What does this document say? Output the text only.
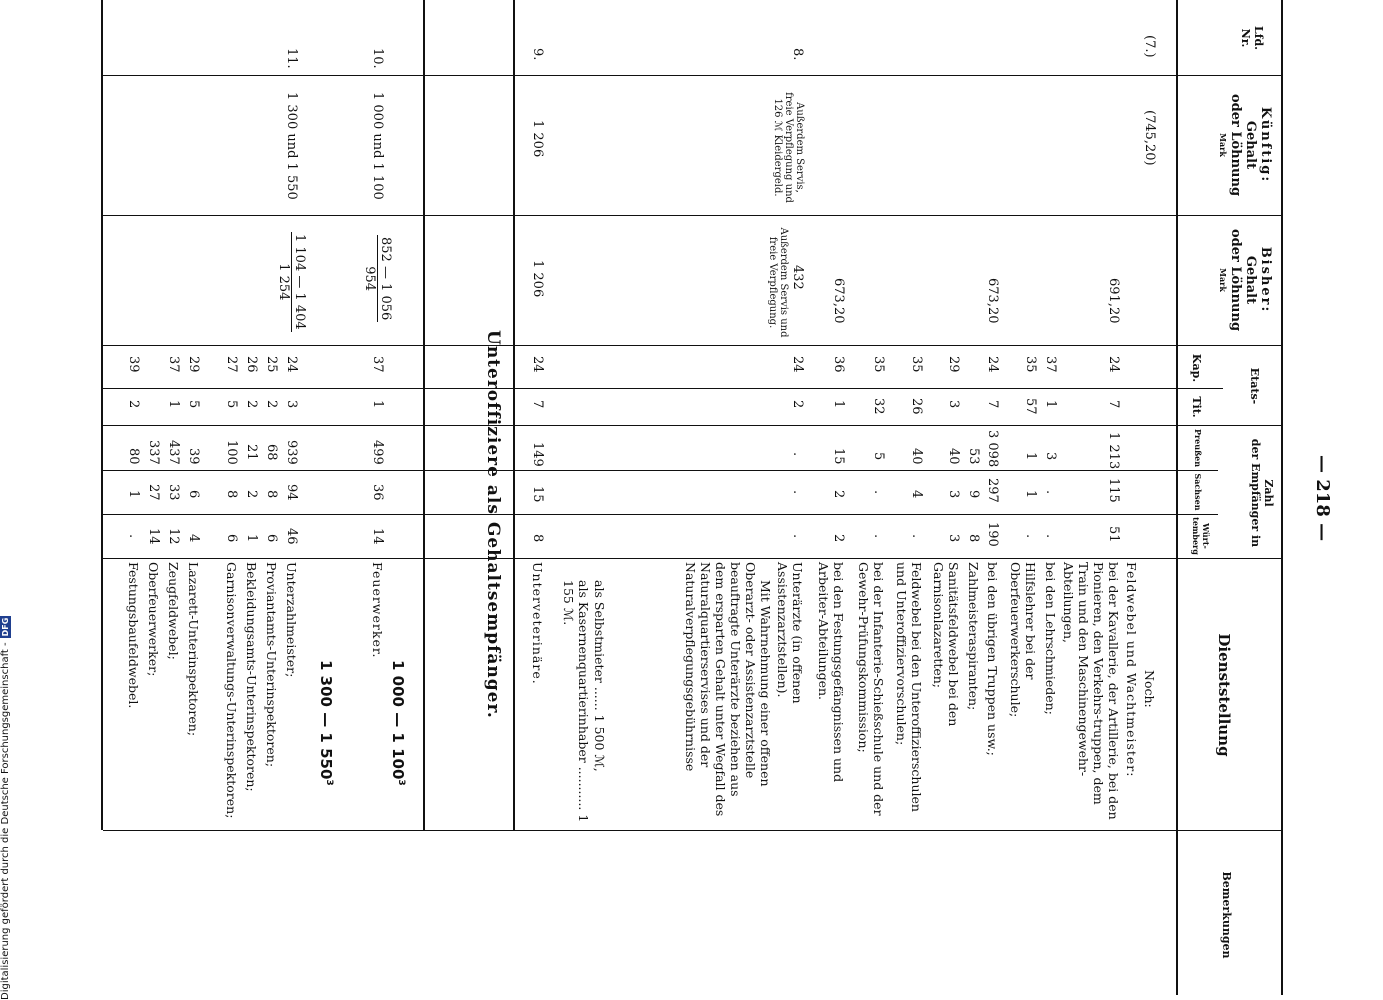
— 218 —
Lfd.
Nr.
Künftig:
Gehalt
oder Löhnung
Mark
Bisher:
Gehalt
oder Löhnung
Mark
Etats-
Kap.
Tit.
Zahl
der Empfänger in
Preußen
Sachsen
Würt-
temberg
Dienststellung
Bemerkungen
(7.)
(745,20)
Noch:
Feldwebel und Wachtmeister:
691,20
24
7
1 213
115
51
bei der Kavallerie, der Artillerie, bei den Pionieren, den Verkehrs-truppen, dem Train und den Maschinengewehr-Abteilungen,
37
1
3
.
.
bei den Lehrschmieden;
35
57
1
1
.
Hilfslehrer bei der Oberfeuerwerkerschule;
673,20
24
7
3 098
297
190
bei den übrigen Truppen usw.;
53
9
8
Zahlmeisteraspiranten;
29
3
40
3
3
Sanitätsfeldwebel bei den Garnisonlazaretten;
35
26
40
4
.
Feldwebel bei den Unteroffizierschulen und Unteroffiziervorschulen;
35
32
5
.
.
bei der Infanterie-Schießschule und der Gewehr-Prüfungskommission;
673,20
36
1
15
2
2
bei den Festungsgefängnissen und Arbeiter-Abteilungen.
8.
Außerdem Servis, freie Verpflegung und 126 ℳ Kleidergeld.
432
Außerdem Servis und freie Verpflegung.
24
2
.
.
.
Unterärzte (in offenen Assistenzarztstellen).
Mit Wahrnehmung einer offenen Oberarzt- oder Assistenzarztstelle beauftragte Unterärzte beziehen aus dem ersparten Gehalt unter Wegfall des Naturalquartierservises und der Naturalverpflegungsgebührnisse
als Selbstmieter ...... 1 500 ℳ,
als Kasernenquartierinhaber ........... 1 155 ℳ.
9.
1 206
1 206
24
7
149
15
8
Unterveterinäre.
Unteroffiziere als Gehaltsempfänger.
1 000 — 1 $100^3$
10.
1 000 und 1 100
852 — 1 056
954
37
1
499
36
14
Feuerwerker.
1 300 — 1 $550^3$
11.
1 300 und 1 550
1 104 — 1 404
1 254
24
3
939
94
46
Unterzahlmeister;
25
2
68
8
6
Proviantamts-Unterinspektoren;
26
2
21
2
1
Bekleidungsamts-Unterinspektoren;
27
5
100
8
6
Garnisonverwaltungs-Unterinspektoren;
29
5
39
6
4
Lazarett-Unterinspektoren;
37
1
437
33
12
Zeugfeldwebel;
337
27
14
Oberfeuerwerker;
39
2
80
1
.
Festungsbaufeldwebel.
Digitalisierung gefördert durch die Deutsche Forschungsgemeinschaft -
DFG
